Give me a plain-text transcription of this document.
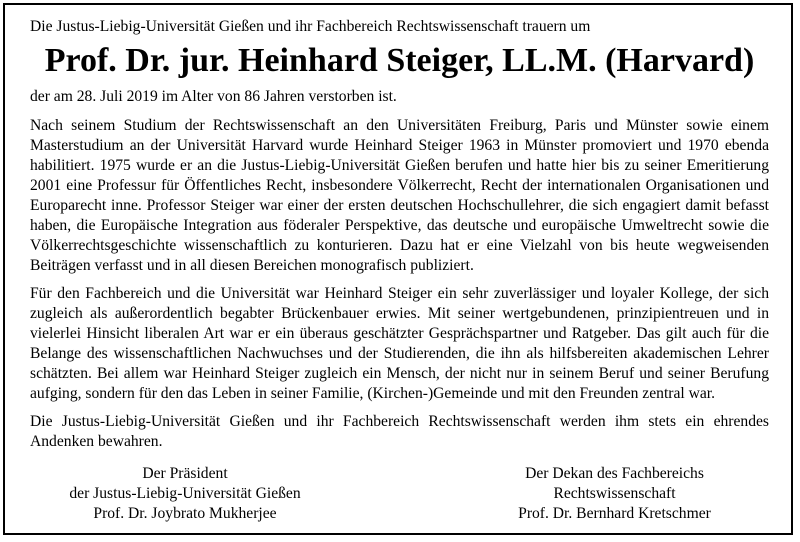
Die Justus-Liebig-Universität Gießen und ihr Fachbereich Rechtswissenschaft trauern um

Prof. Dr. jur. Heinhard Steiger, LL.M. (Harvard)

der am 28. Juli 2019 im Alter von 86 Jahren verstorben ist.

Nach seinem Studium der Rechtswissenschaft an den Universitäten Freiburg, Paris und Münster sowie einem Masterstudium an der Universität Harvard wurde Heinhard Steiger 1963 in Münster promoviert und 1970 ebenda habilitiert. 1975 wurde er an die Justus-Liebig-Universität Gießen berufen und hatte hier bis zu seiner Emeritierung 2001 eine Professur für Öffentliches Recht, insbesondere Völkerrecht, Recht der internationalen Organisationen und Europarecht inne. Professor Steiger war einer der ersten deutschen Hochschullehrer, die sich engagiert damit befasst haben, die Europäische Integration aus föderaler Perspektive, das deutsche und europäische Umweltrecht sowie die Völkerrechtsgeschichte wissenschaftlich zu konturieren. Dazu hat er eine Vielzahl von bis heute wegweisenden Beiträgen verfasst und in all diesen Bereichen monografisch publiziert.

Für den Fachbereich und die Universität war Heinhard Steiger ein sehr zuverlässiger und loyaler Kollege, der sich zugleich als außerordentlich begabter Brückenbauer erwies. Mit seiner wertgebundenen, prinzipientreuen und in vielerlei Hinsicht liberalen Art war er ein überaus geschätzter Gesprächspartner und Ratgeber. Das gilt auch für die Belange des wissenschaftlichen Nachwuchses und der Studierenden, die ihn als hilfsbereiten akademischen Lehrer schätzten. Bei allem war Heinhard Steiger zugleich ein Mensch, der nicht nur in seinem Beruf und seiner Berufung aufging, sondern für den das Leben in seiner Familie, (Kirchen-)Gemeinde und mit den Freunden zentral war.

Die Justus-Liebig-Universität Gießen und ihr Fachbereich Rechtswissenschaft werden ihm stets ein ehrendes Andenken bewahren.

Der Präsident
der Justus-Liebig-Universität Gießen
Prof. Dr. Joybrato Mukherjee
Der Dekan des Fachbereichs
Rechtswissenschaft
Prof. Dr. Bernhard Kretschmer
